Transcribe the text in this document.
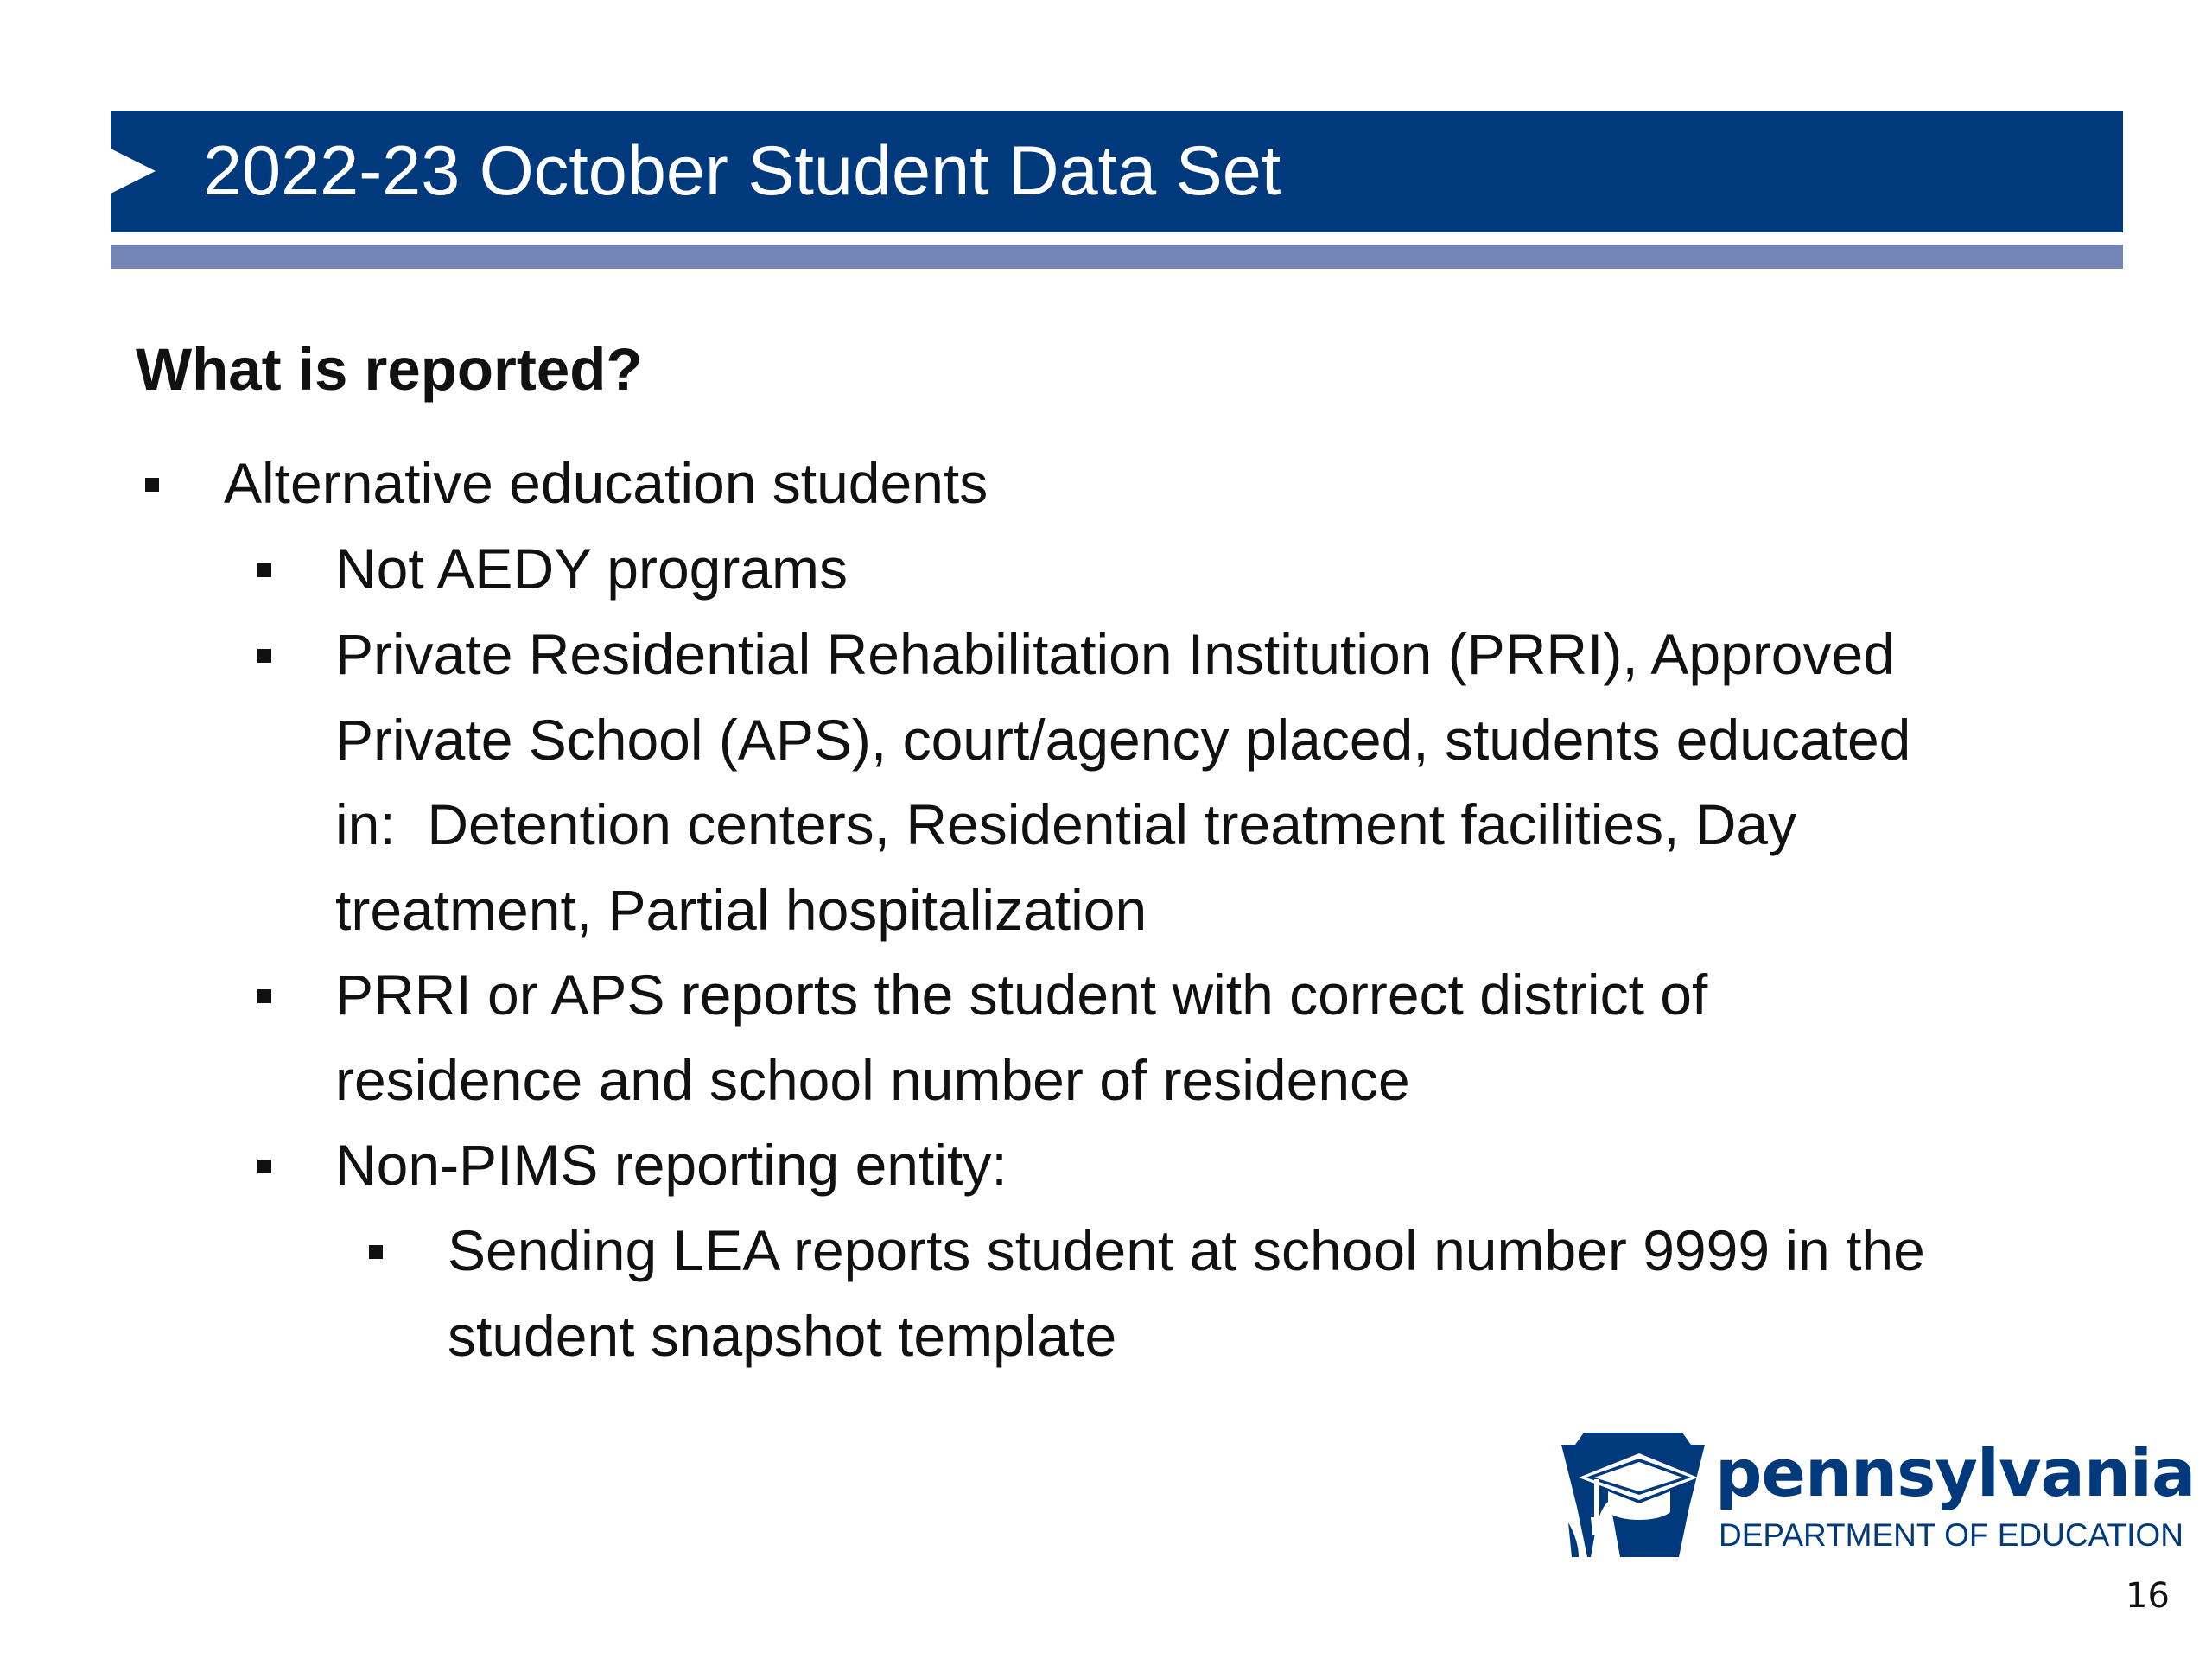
2022-23 October Student Data Set
What is reported?
Alternative education students
Not AEDY programs
Private Residential Rehabilitation Institution (PRRI), Approved
Private School (APS), court/agency placed, students educated
in:  Detention centers, Residential treatment facilities, Day
treatment, Partial hospitalization
PRRI or APS reports the student with correct district of
residence and school number of residence
Non-PIMS reporting entity:
Sending LEA reports student at school number 9999 in the
student snapshot template
pennsylvania
DEPARTMENT OF EDUCATION
16
